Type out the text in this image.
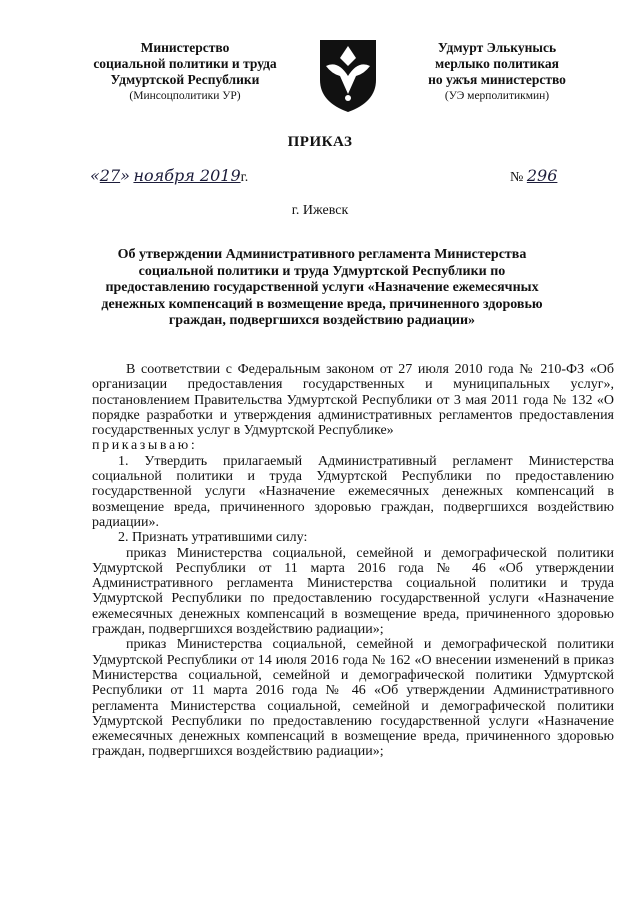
Министерство
социальной политики и труда
Удмуртской Республики
(Минсоцполитики УР)
Удмурт Элькунысь
мерлыко политикая
но ужъя министерство
(УЭ мерполитикмин)
ПРИКАЗ
«27» ноября 2019г.	№ 296
г. Ижевск
Об утверждении Административного регламента Министерства социальной политики и труда Удмуртской Республики по предоставлению государственной услуги «Назначение ежемесячных денежных компенсаций в возмещение вреда, причиненного здоровью граждан, подвергшихся воздействию радиации»

В соответствии с Федеральным законом от 27 июля 2010 года № 210-ФЗ «Об организации предоставления государственных и муниципальных услуг», постановлением Правительства Удмуртской Республики от 3 мая 2011 года № 132 «О порядке разработки и утверждения административных регламентов предоставления государственных услуг в Удмуртской Республике»

приказываю:

1. Утвердить прилагаемый Административный регламент Министерства социальной политики и труда Удмуртской Республики по предоставлению государственной услуги «Назначение ежемесячных денежных компенсаций в возмещение вреда, причиненного здоровью граждан, подвергшихся воздействию радиации».

2. Признать утратившими силу:

приказ Министерства социальной, семейной и демографической политики Удмуртской Республики от 11 марта 2016 года № 46 «Об утверждении Административного регламента Министерства социальной политики и труда Удмуртской Республики по предоставлению государственной услуги «Назначение ежемесячных денежных компенсаций в возмещение вреда, причиненного здоровью граждан, подвергшихся воздействию радиации»;

приказ Министерства социальной, семейной и демографической политики Удмуртской Республики от 14 июля 2016 года № 162 «О внесении изменений в приказ Министерства социальной, семейной и демографической политики Удмуртской Республики от 11 марта 2016 года № 46 «Об утверждении Административного регламента Министерства социальной, семейной и демографической политики Удмуртской Республики по предоставлению государственной услуги «Назначение ежемесячных денежных компенсаций в возмещение вреда, причиненного здоровью граждан, подвергшихся воздействию радиации»;
